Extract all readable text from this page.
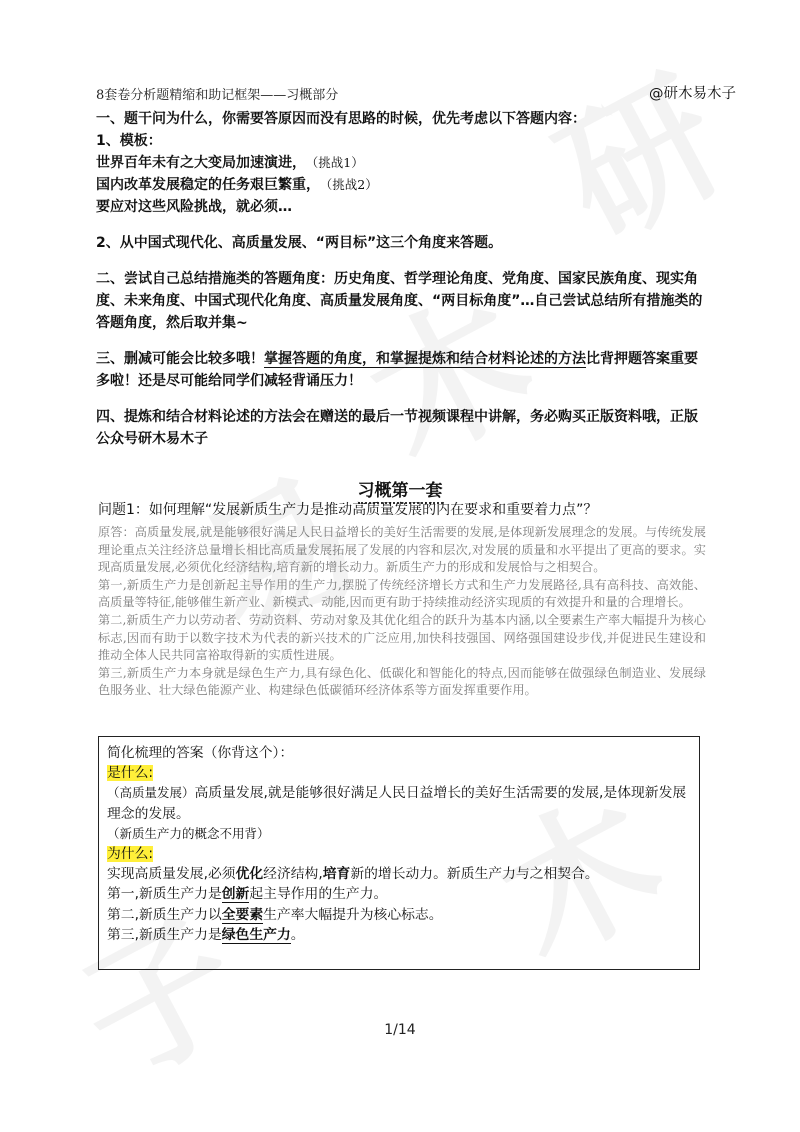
8套卷分析题精缩和助记框架——习概部分	@研木易木子

一、题干问为什么，你需要答原因而没有思路的时候，优先考虑以下答题内容：

1、模板：

世界百年未有之大变局加速演进， （挑战1）

国内改革发展稳定的任务艰巨繁重， （挑战2）

要应对这些风险挑战，就必须…

2、从中国式现代化、高质量发展、“两目标”这三个角度来答题。

二、尝试自己总结措施类的答题角度：历史角度、哲学理论角度、党角度、国家民族角度、现实角

度、未来角度、中国式现代化角度、高质量发展角度、“两目标角度”…自己尝试总结所有措施类的

答题角度，然后取并集~

三、删减可能会比较多哦！掌握答题的角度，和掌握提炼和结合材料论述的方法比背押题答案重要

多啦！还是尽可能给同学们减轻背诵压力！

四、提炼和结合材料论述的方法会在赠送的最后一节视频课程中讲解，务必购买正版资料哦，正版

公众号研木易木子

习概第一套
问题1：如何理解“发展新质生产力是推动高质量发展的内在要求和重要着力点”？

原答：高质量发展,就是能够很好满足人民日益增长的美好生活需要的发展,是体现新发展理念的发展。与传统发展理论重点关注经济总量增长相比高质量发展拓展了发展的内容和层次,对发展的质量和水平提出了更高的要求。实现高质量发展,必须优化经济结构,培育新的增长动力。新质生产力的形成和发展恰与之相契合。

第一,新质生产力是创新起主导作用的生产力,摆脱了传统经济增长方式和生产力发展路径,具有高科技、高效能、高质量等特征,能够催生新产业、新模式、动能,因而更有助于持续推动经济实现质的有效提升和量的合理增长。

第二,新质生产力以劳动者、劳动资料、劳动对象及其优化组合的跃升为基本内涵,以全要素生产率大幅提升为核心标志,因而有助于以数字技术为代表的新兴技术的广泛应用,加快科技强国、网络强国建设步伐,并促进民生建设和推动全体人民共同富裕取得新的实质性进展。

第三,新质生产力本身就是绿色生产力,具有绿色化、低碳化和智能化的特点,因而能够在做强绿色制造业、发展绿色服务业、壮大绿色能源产业、构建绿色低碳循环经济体系等方面发挥重要作用。

简化梳理的答案（你背这个）：

是什么:

（高质量发展）高质量发展,就是能够很好满足人民日益增长的美好生活需要的发展,是体现新发展理念的发展。

（新质生产力的概念不用背）

为什么:

实现高质量发展,必须优化经济结构,培育新的增长动力。新质生产力与之相契合。

第一,新质生产力是创新起主导作用的生产力。

第二,新质生产力以全要素生产率大幅提升为核心标志。

第三,新质生产力是绿色生产力。

1/14
